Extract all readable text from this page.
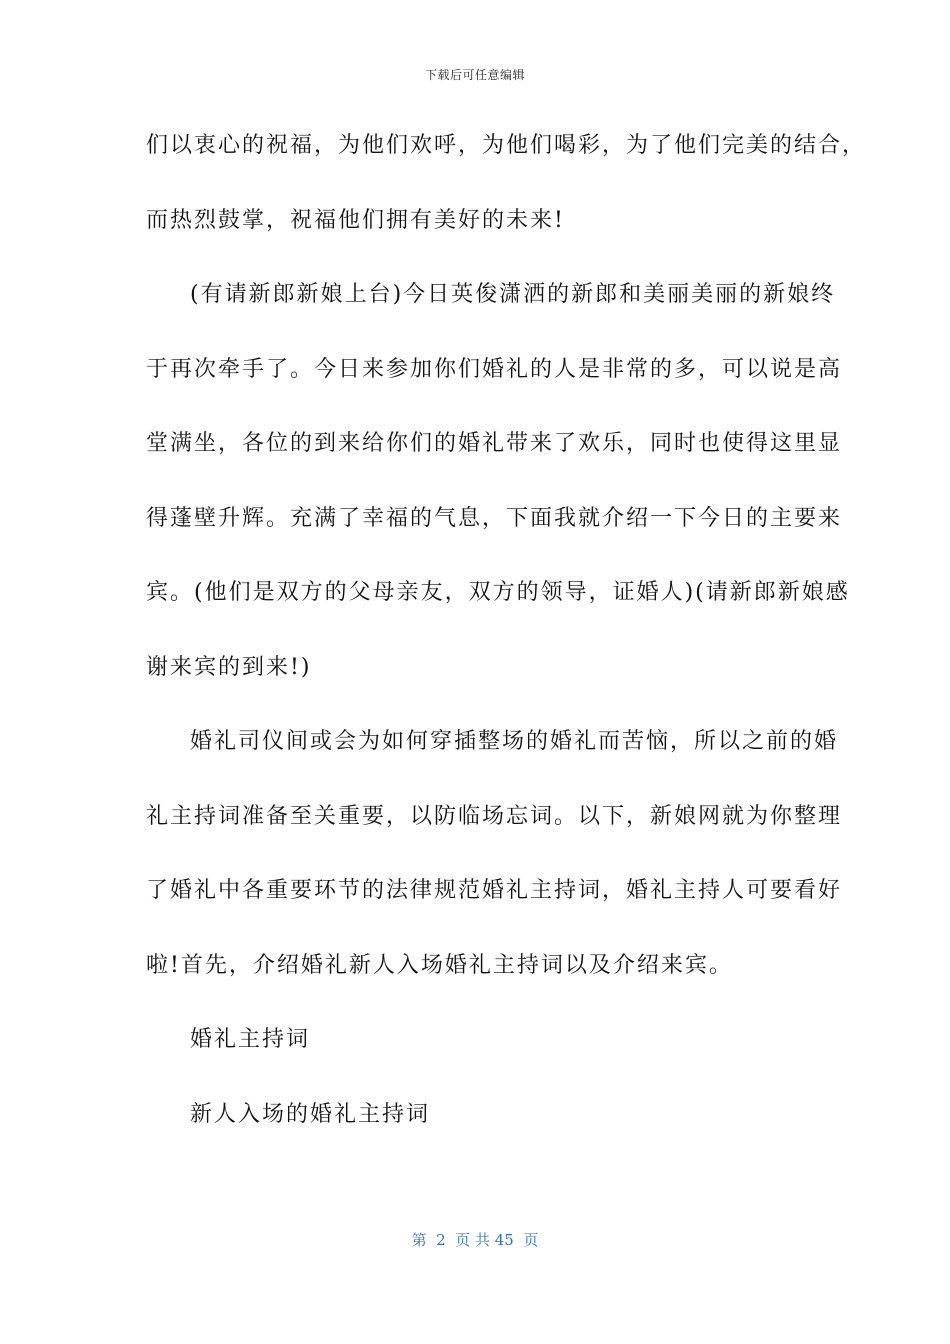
下载后可任意编辑
们以衷心的祝福，为他们欢呼，为他们喝彩，为了他们完美的结合，
而热烈鼓掌，祝福他们拥有美好的未来!
(有请新郎新娘上台)今日英俊潇洒的新郎和美丽美丽的新娘终
于再次牵手了。今日来参加你们婚礼的人是非常的多，可以说是高
堂满坐，各位的到来给你们的婚礼带来了欢乐，同时也使得这里显
得蓬壁升辉。充满了幸福的气息，下面我就介绍一下今日的主要来
宾。(他们是双方的父母亲友，双方的领导，证婚人)(请新郎新娘感
谢来宾的到来!)
婚礼司仪间或会为如何穿插整场的婚礼而苦恼，所以之前的婚
礼主持词准备至关重要，以防临场忘词。以下，新娘网就为你整理
了婚礼中各重要环节的法律规范婚礼主持词，婚礼主持人可要看好
啦!首先，介绍婚礼新人入场婚礼主持词以及介绍来宾。
婚礼主持词
新人入场的婚礼主持词
第  2  页 共 45  页
